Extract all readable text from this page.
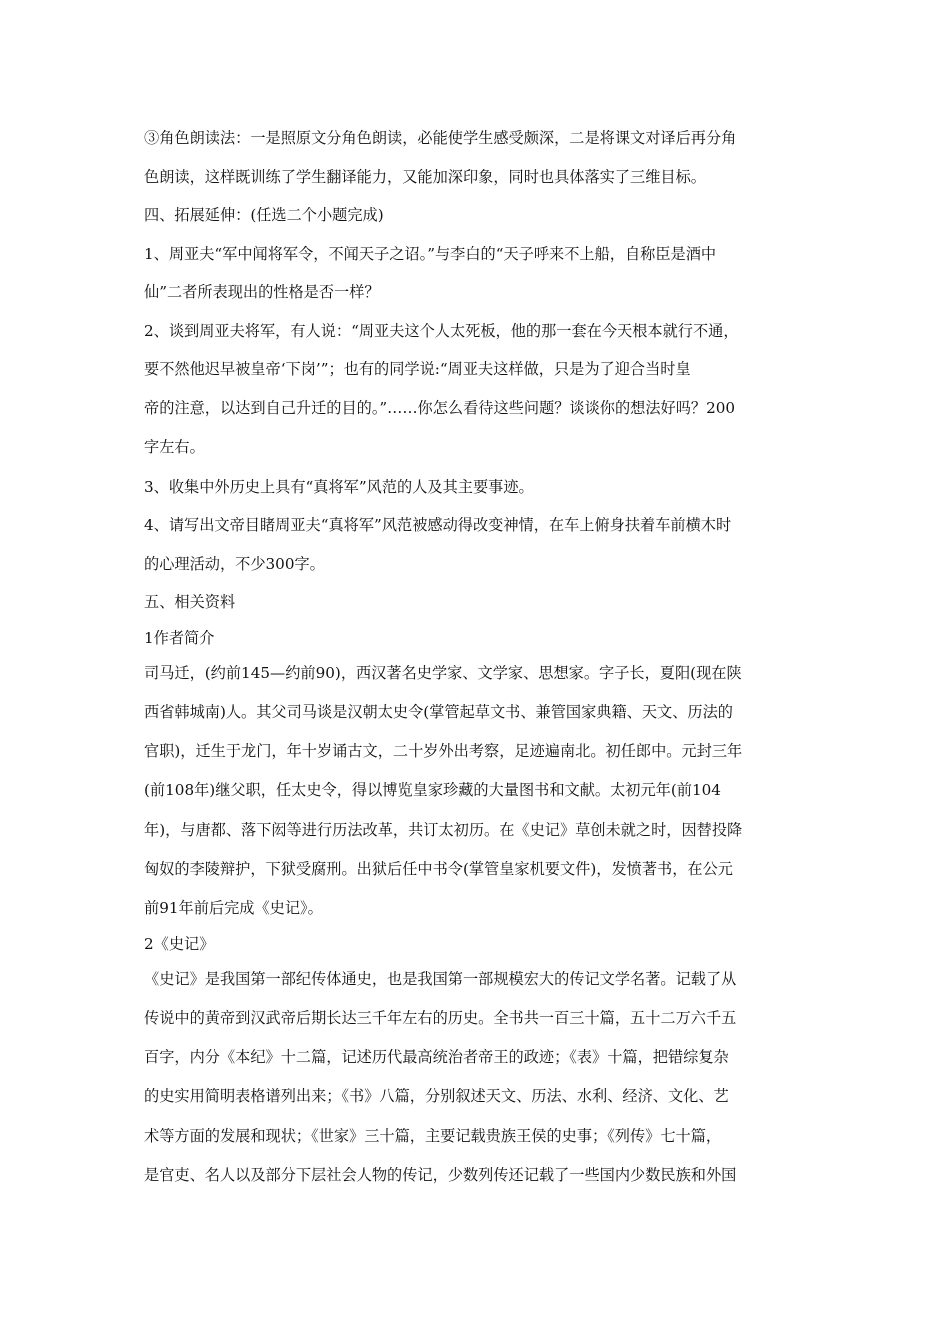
③角色朗读法：一是照原文分角色朗读，必能使学生感受颇深，二是将课文对译后再分角
色朗读，这样既训练了学生翻译能力，又能加深印象，同时也具体落实了三维目标。
四、拓展延伸：(任选二个小题完成)
1、周亚夫“军中闻将军令，不闻天子之诏。”与李白的“天子呼来不上船，自称臣是酒中
仙”二者所表现出的性格是否一样？
2、谈到周亚夫将军，有人说：“周亚夫这个人太死板，他的那一套在今天根本就行不通，
要不然他迟早被皇帝‘下岗’”；也有的同学说:“周亚夫这样做，只是为了迎合当时皇
帝的注意，以达到自己升迁的目的。”……你怎么看待这些问题？谈谈你的想法好吗？200
字左右。
3、收集中外历史上具有“真将军”风范的人及其主要事迹。
4、请写出文帝目睹周亚夫“真将军”风范被感动得改变神情，在车上俯身扶着车前横木时
的心理活动，不少300字。
五、相关资料
1作者简介
司马迁，(约前145—约前90)，西汉著名史学家、文学家、思想家。字子长，夏阳(现在陕
西省韩城南)人。其父司马谈是汉朝太史令(掌管起草文书、兼管国家典籍、天文、历法的
官职)，迁生于龙门，年十岁诵古文，二十岁外出考察，足迹遍南北。初任郎中。元封三年
(前108年)继父职，任太史令，得以博览皇家珍藏的大量图书和文献。太初元年(前104
年)，与唐都、落下闳等进行历法改革，共订太初历。在《史记》草创未就之时，因替投降
匈奴的李陵辩护，下狱受腐刑。出狱后任中书令(掌管皇家机要文件)，发愤著书，在公元
前91年前后完成《史记》。
2《史记》
《史记》是我国第一部纪传体通史，也是我国第一部规模宏大的传记文学名著。记载了从
传说中的黄帝到汉武帝后期长达三千年左右的历史。全书共一百三十篇，五十二万六千五
百字，内分《本纪》十二篇，记述历代最高统治者帝王的政迹；《表》十篇，把错综复杂
的史实用简明表格谱列出来；《书》八篇，分别叙述天文、历法、水利、经济、文化、艺
术等方面的发展和现状；《世家》三十篇，主要记载贵族王侯的史事；《列传》七十篇，
是官吏、名人以及部分下层社会人物的传记，少数列传还记载了一些国内少数民族和外国
